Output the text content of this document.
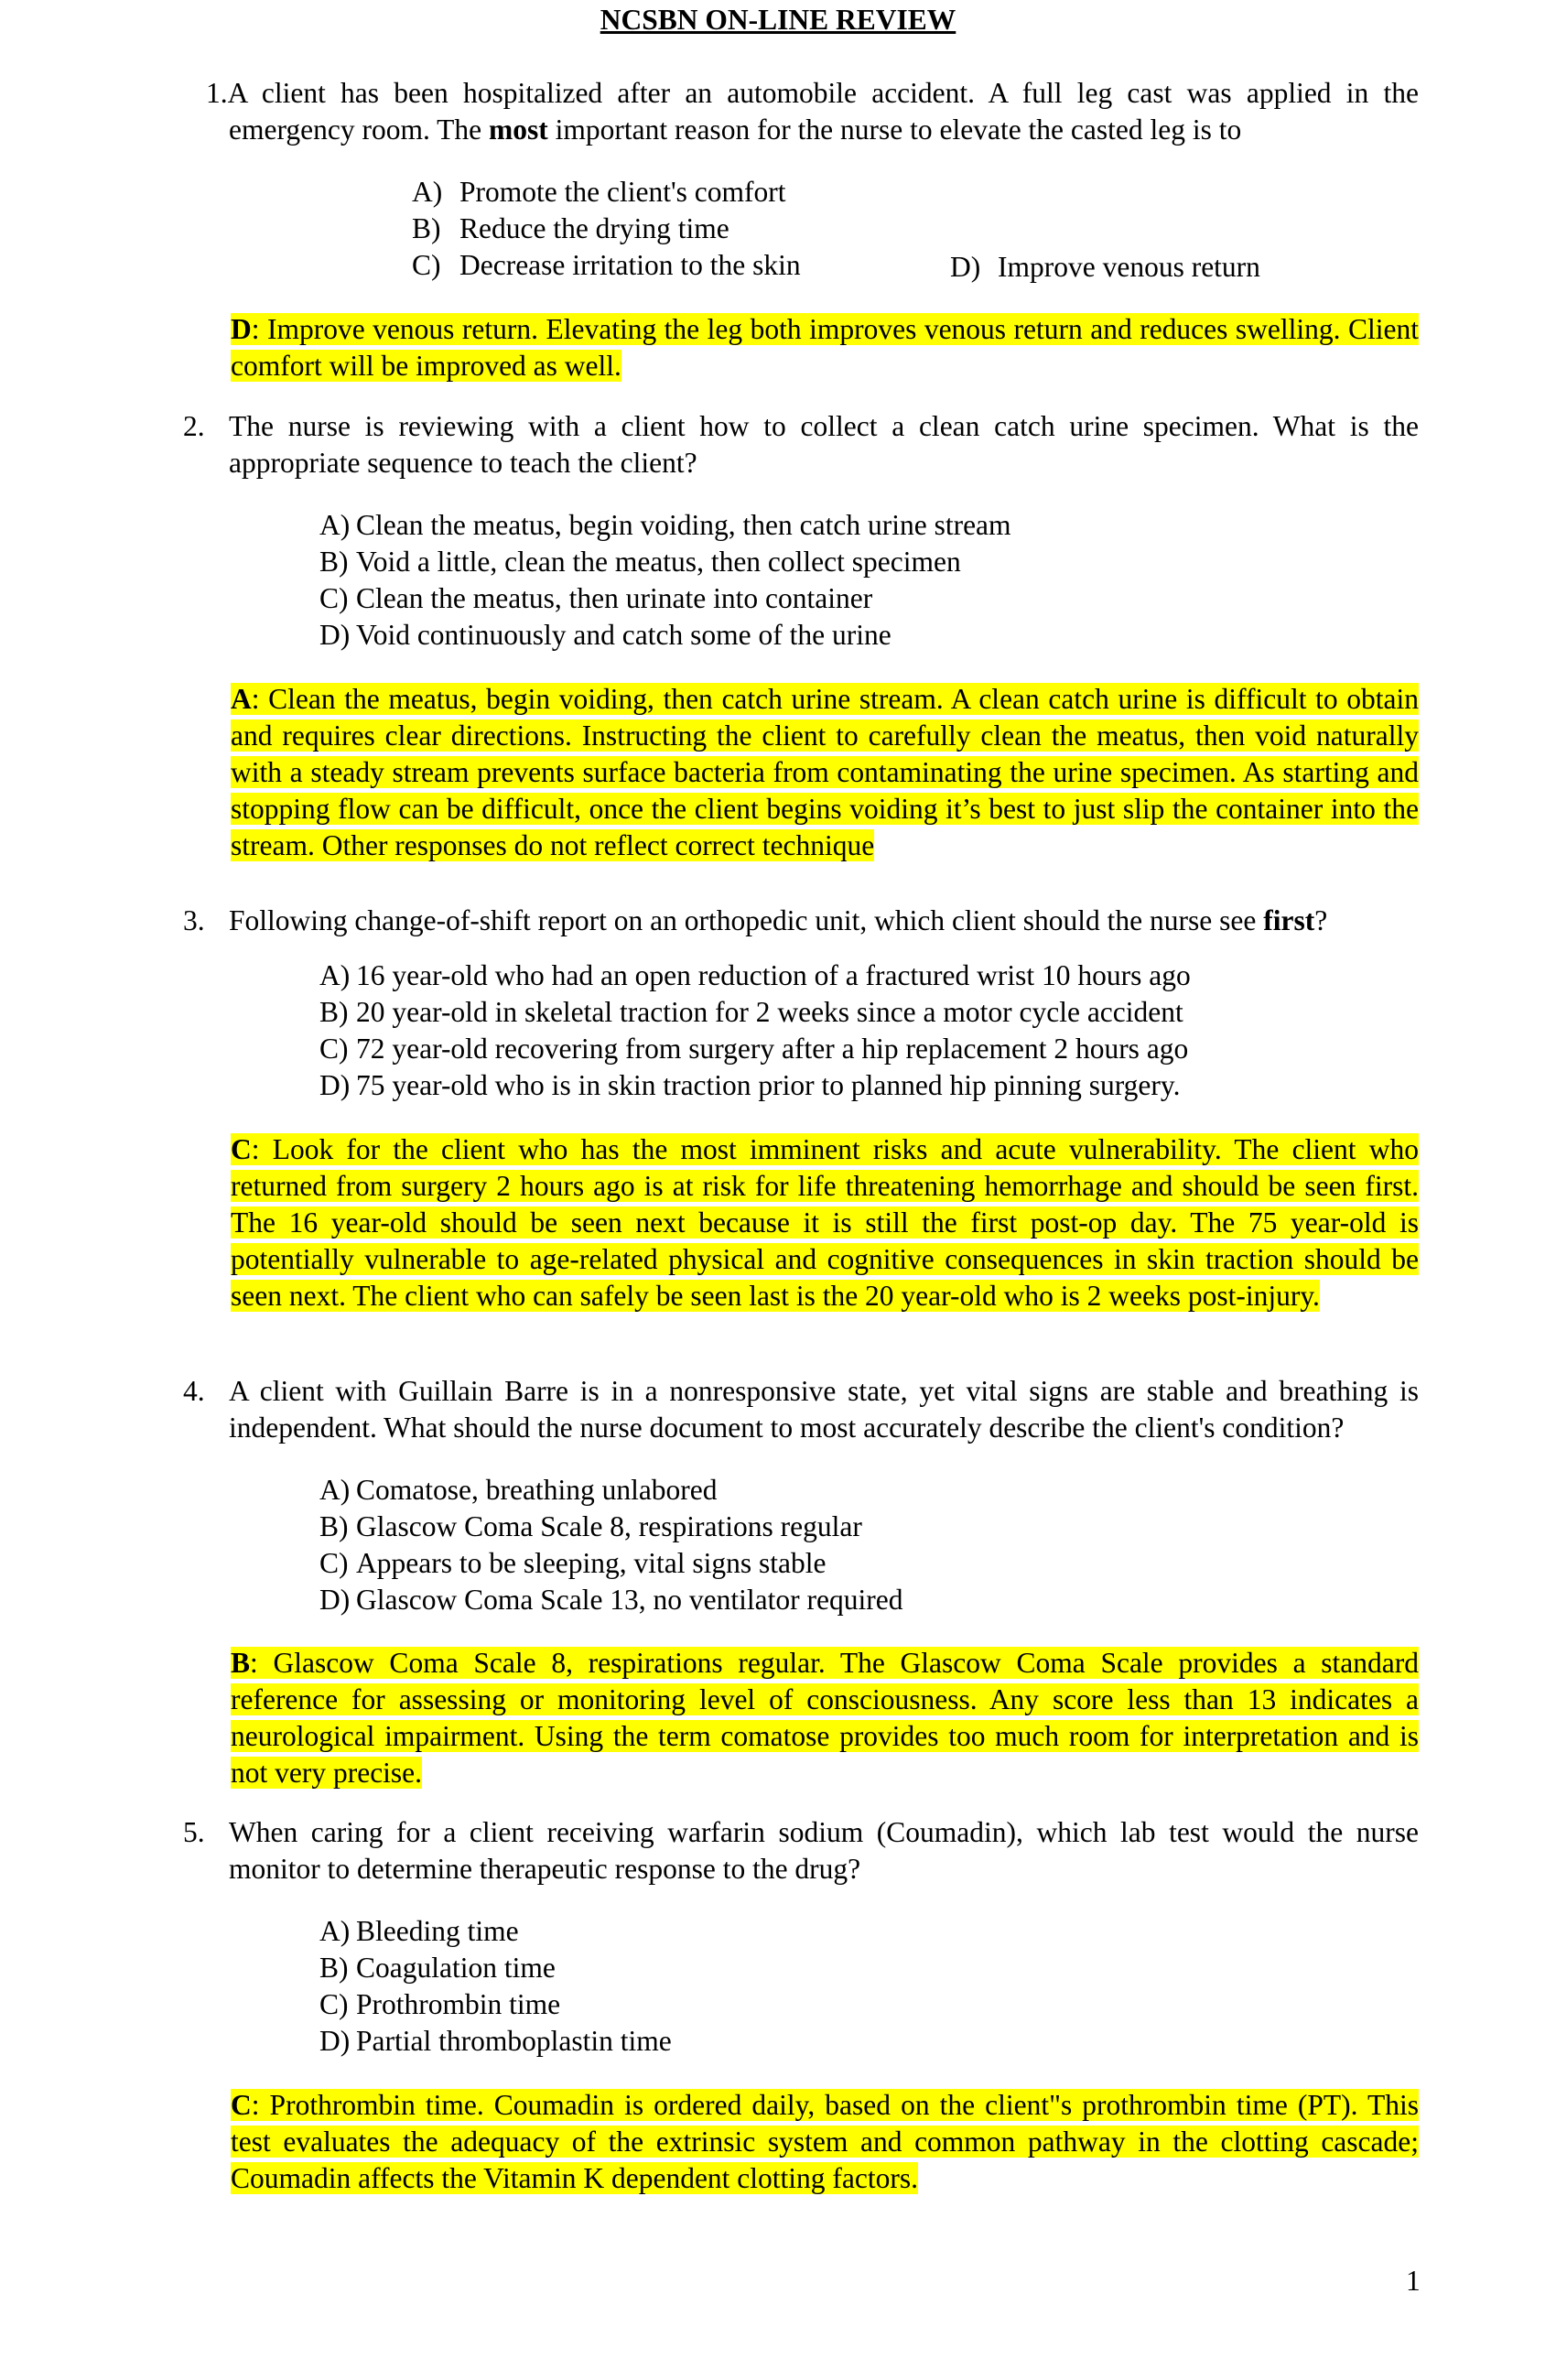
NCSBN ON-LINE REVIEW
1.A client has been hospitalized after an automobile accident. A full leg cast was applied in the emergency room. The most important reason for the nurse to elevate the casted leg is to
A) Promote the client's comfort
B) Reduce the drying time
C) Decrease irritation to the skin	D) Improve venous return
D: Improve venous return. Elevating the leg both improves venous return and reduces swelling. Client comfort will be improved as well.
2. The nurse is reviewing with a client how to collect a clean catch urine specimen. What is the appropriate sequence to teach the client?
A) Clean the meatus, begin voiding, then catch urine stream
B) Void a little, clean the meatus, then collect specimen
C) Clean the meatus, then urinate into container
D) Void continuously and catch some of the urine
A: Clean the meatus, begin voiding, then catch urine stream. A clean catch urine is difficult to obtain and requires clear directions. Instructing the client to carefully clean the meatus, then void naturally with a steady stream prevents surface bacteria from contaminating the urine specimen. As starting and stopping flow can be difficult, once the client begins voiding it’s best to just slip the container into the stream. Other responses do not reflect correct technique
3. Following change-of-shift report on an orthopedic unit, which client should the nurse see first?
A) 16 year-old who had an open reduction of a fractured wrist 10 hours ago
B) 20 year-old in skeletal traction for 2 weeks since a motor cycle accident
C) 72 year-old recovering from surgery after a hip replacement 2 hours ago
D) 75 year-old who is in skin traction prior to planned hip pinning surgery.
C: Look for the client who has the most imminent risks and acute vulnerability. The client who returned from surgery 2 hours ago is at risk for life threatening hemorrhage and should be seen first. The 16 year-old should be seen next because it is still the first post-op day. The 75 year-old is potentially vulnerable to age-related physical and cognitive consequences in skin traction should be seen next. The client who can safely be seen last is the 20 year-old who is 2 weeks post-injury.
4. A client with Guillain Barre is in a nonresponsive state, yet vital signs are stable and breathing is independent. What should the nurse document to most accurately describe the client's condition?
A) Comatose, breathing unlabored
B) Glascow Coma Scale 8, respirations regular
C) Appears to be sleeping, vital signs stable
D) Glascow Coma Scale 13, no ventilator required
B: Glascow Coma Scale 8, respirations regular. The Glascow Coma Scale provides a standard reference for assessing or monitoring level of consciousness. Any score less than 13 indicates a neurological impairment. Using the term comatose provides too much room for interpretation and is not very precise.
5. When caring for a client receiving warfarin sodium (Coumadin), which lab test would the nurse monitor to determine therapeutic response to the drug?
A) Bleeding time
B) Coagulation time
C) Prothrombin time
D) Partial thromboplastin time
C: Prothrombin time. Coumadin is ordered daily, based on the client"s prothrombin time (PT). This test evaluates the adequacy of the extrinsic system and common pathway in the clotting cascade; Coumadin affects the Vitamin K dependent clotting factors.
1
